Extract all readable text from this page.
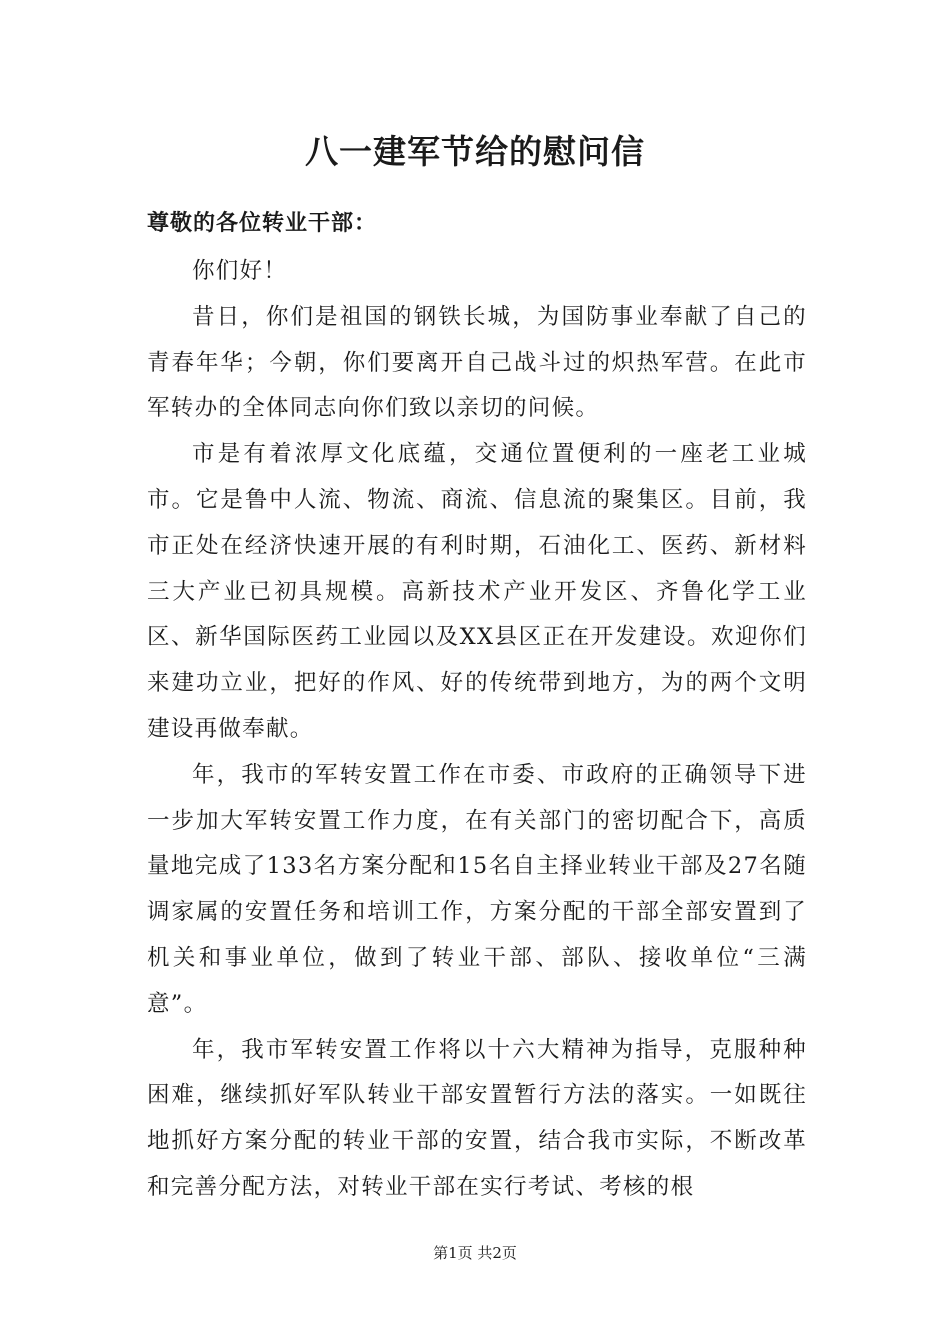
八一建军节给的慰问信

尊敬的各位转业干部：

你们好！

昔日，你们是祖国的钢铁长城，为国防事业奉献了自己的青春年华；今朝，你们要离开自己战斗过的炽热军营。在此市军转办的全体同志向你们致以亲切的问候。

市是有着浓厚文化底蕴，交通位置便利的一座老工业城市。它是鲁中人流、物流、商流、信息流的聚集区。目前，我市正处在经济快速开展的有利时期，石油化工、医药、新材料三大产业已初具规模。高新技术产业开发区、齐鲁化学工业区、新华国际医药工业园以及XX县区正在开发建设。欢迎你们来建功立业，把好的作风、好的传统带到地方，为的两个文明建设再做奉献。

年，我市的军转安置工作在市委、市政府的正确领导下进一步加大军转安置工作力度，在有关部门的密切配合下，高质量地完成了133名方案分配和15名自主择业转业干部及27名随调家属的安置任务和培训工作，方案分配的干部全部安置到了机关和事业单位，做到了转业干部、部队、接收单位“三满意”。

年，我市军转安置工作将以十六大精神为指导，克服种种困难，继续抓好军队转业干部安置暂行方法的落实。一如既往地抓好方案分配的转业干部的安置，结合我市实际，不断改革和完善分配方法，对转业干部在实行考试、考核的根

第1页 共2页
